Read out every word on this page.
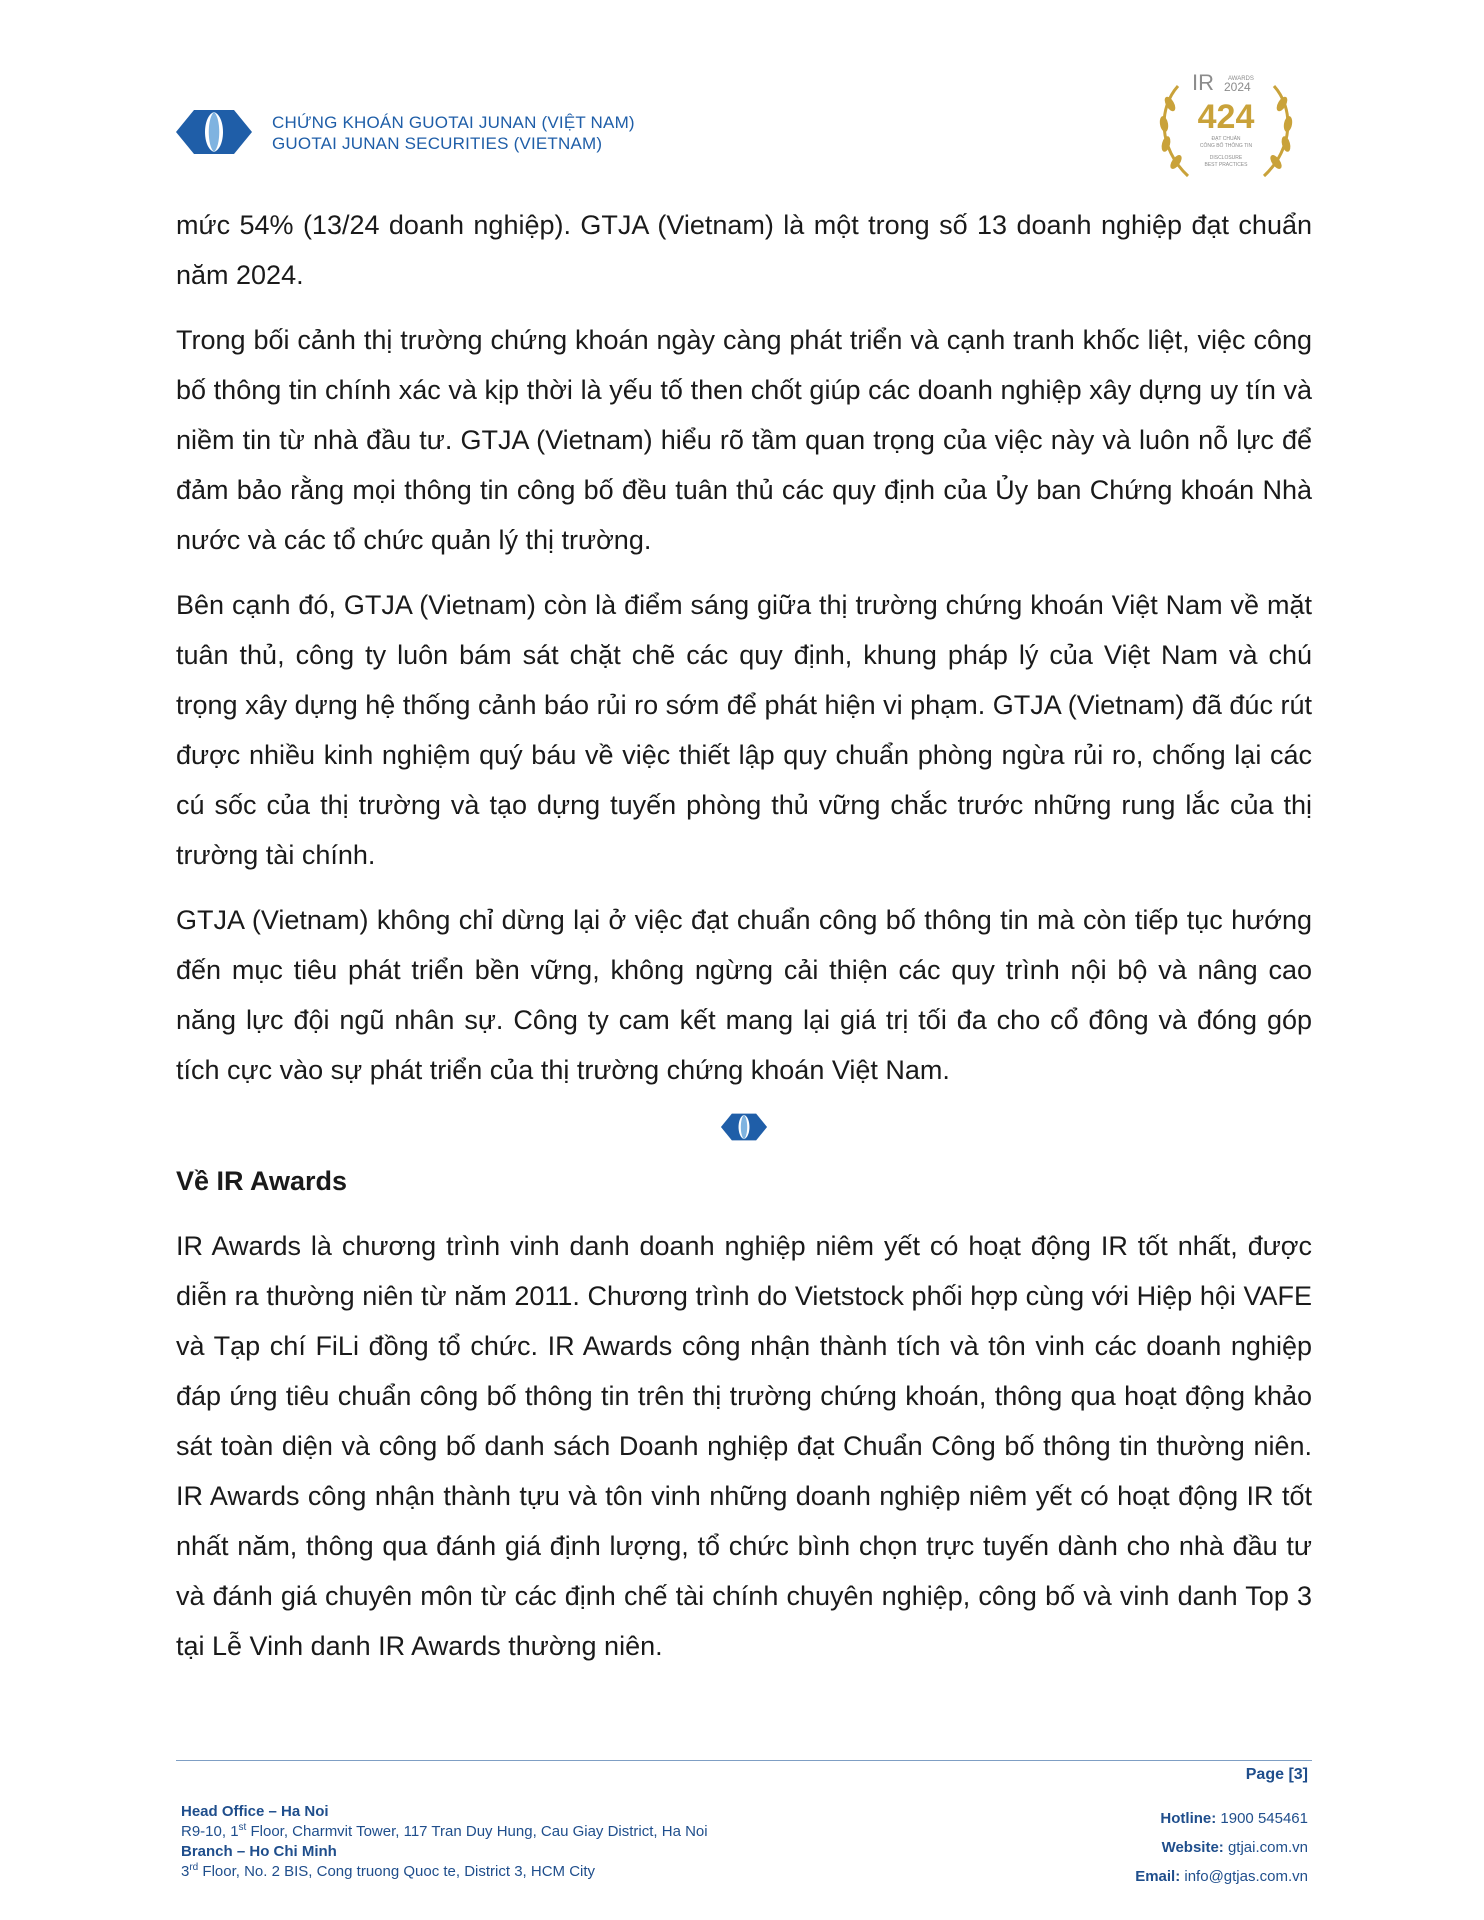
CHỨNG KHOÁN GUOTAI JUNAN (VIỆT NAM)
GUOTAI JUNAN SECURITIES (VIETNAM)
IR AWARDS
2024
424
ĐẠT CHUẨN
CÔNG BỐ THÔNG TIN
DISCLOSURE
BEST PRACTICES

mức 54% (13/24 doanh nghiệp). GTJA (Vietnam) là một trong số 13 doanh nghiệp đạt chuẩn năm 2024.

Trong bối cảnh thị trường chứng khoán ngày càng phát triển và cạnh tranh khốc liệt, việc công bố thông tin chính xác và kịp thời là yếu tố then chốt giúp các doanh nghiệp xây dựng uy tín và niềm tin từ nhà đầu tư. GTJA (Vietnam) hiểu rõ tầm quan trọng của việc này và luôn nỗ lực để đảm bảo rằng mọi thông tin công bố đều tuân thủ các quy định của Ủy ban Chứng khoán Nhà nước và các tổ chức quản lý thị trường.

Bên cạnh đó, GTJA (Vietnam) còn là điểm sáng giữa thị trường chứng khoán Việt Nam về mặt tuân thủ, công ty luôn bám sát chặt chẽ các quy định, khung pháp lý của Việt Nam và chú trọng xây dựng hệ thống cảnh báo rủi ro sớm để phát hiện vi phạm. GTJA (Vietnam) đã đúc rút được nhiều kinh nghiệm quý báu về việc thiết lập quy chuẩn phòng ngừa rủi ro, chống lại các cú sốc của thị trường và tạo dựng tuyến phòng thủ vững chắc trước những rung lắc của thị trường tài chính.

GTJA (Vietnam) không chỉ dừng lại ở việc đạt chuẩn công bố thông tin mà còn tiếp tục hướng đến mục tiêu phát triển bền vững, không ngừng cải thiện các quy trình nội bộ và nâng cao năng lực đội ngũ nhân sự. Công ty cam kết mang lại giá trị tối đa cho cổ đông và đóng góp tích cực vào sự phát triển của thị trường chứng khoán Việt Nam.

Về IR Awards

IR Awards là chương trình vinh danh doanh nghiệp niêm yết có hoạt động IR tốt nhất, được diễn ra thường niên từ năm 2011. Chương trình do Vietstock phối hợp cùng với Hiệp hội VAFE và Tạp chí FiLi đồng tổ chức. IR Awards công nhận thành tích và tôn vinh các doanh nghiệp đáp ứng tiêu chuẩn công bố thông tin trên thị trường chứng khoán, thông qua hoạt động khảo sát toàn diện và công bố danh sách Doanh nghiệp đạt Chuẩn Công bố thông tin thường niên. IR Awards công nhận thành tựu và tôn vinh những doanh nghiệp niêm yết có hoạt động IR tốt nhất năm, thông qua đánh giá định lượng, tổ chức bình chọn trực tuyến dành cho nhà đầu tư và đánh giá chuyên môn từ các định chế tài chính chuyên nghiệp, công bố và vinh danh Top 3 tại Lễ Vinh danh IR Awards thường niên.

Page [3]
Head Office – Ha Noi
R9-10, 1st Floor, Charmvit Tower, 117 Tran Duy Hung, Cau Giay District, Ha Noi
Branch – Ho Chi Minh
3rd Floor, No. 2 BIS, Cong truong Quoc te, District 3, HCM City
Hotline: 1900 545461
Website: gtjai.com.vn
Email: info@gtjas.com.vn
